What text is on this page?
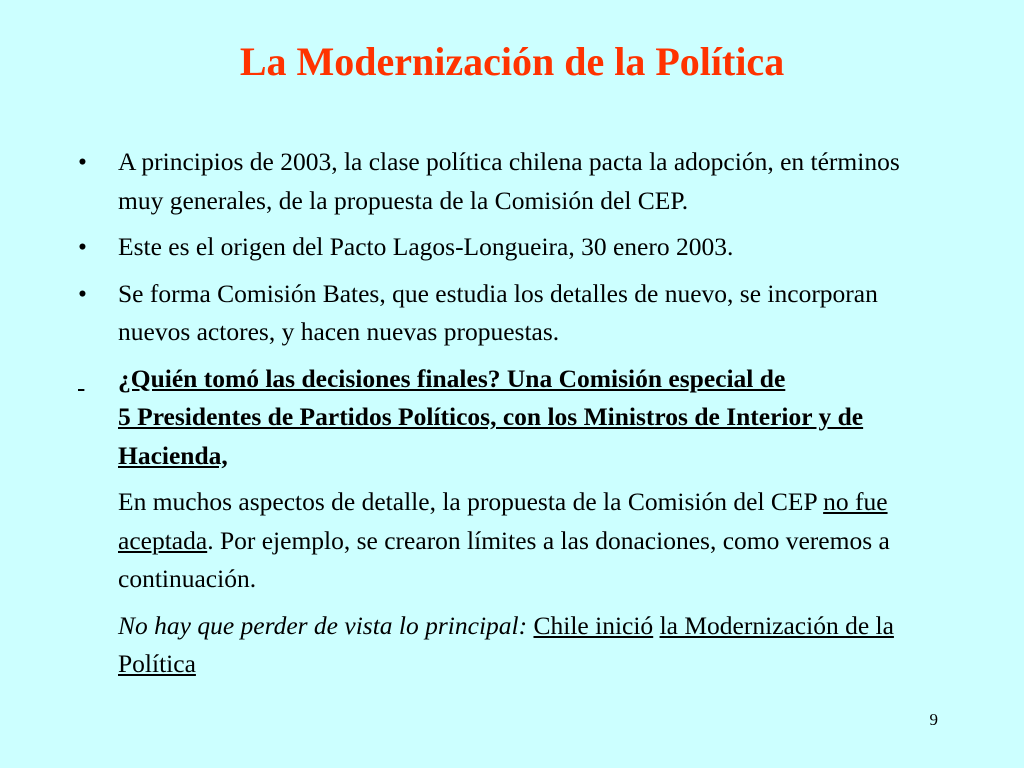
La Modernización de la Política

• A principios de 2003, la clase política chilena pacta la adopción, en términos muy generales, de la propuesta de la Comisión del CEP.

• Este es el origen del Pacto Lagos-Longueira, 30 enero 2003.

• Se forma Comisión Bates, que estudia los detalles de nuevo, se incorporan nuevos actores, y hacen nuevas propuestas.

¿Quién tomó las decisiones finales? Una Comisión especial de
5 Presidentes de Partidos Políticos, con los Ministros de Interior y de Hacienda,

En muchos aspectos de detalle, la propuesta de la Comisión del CEP no fue aceptada. Por ejemplo, se crearon límites a las donaciones, como veremos a continuación.

No hay que perder de vista lo principal: Chile inició la Modernización de la Política

9
